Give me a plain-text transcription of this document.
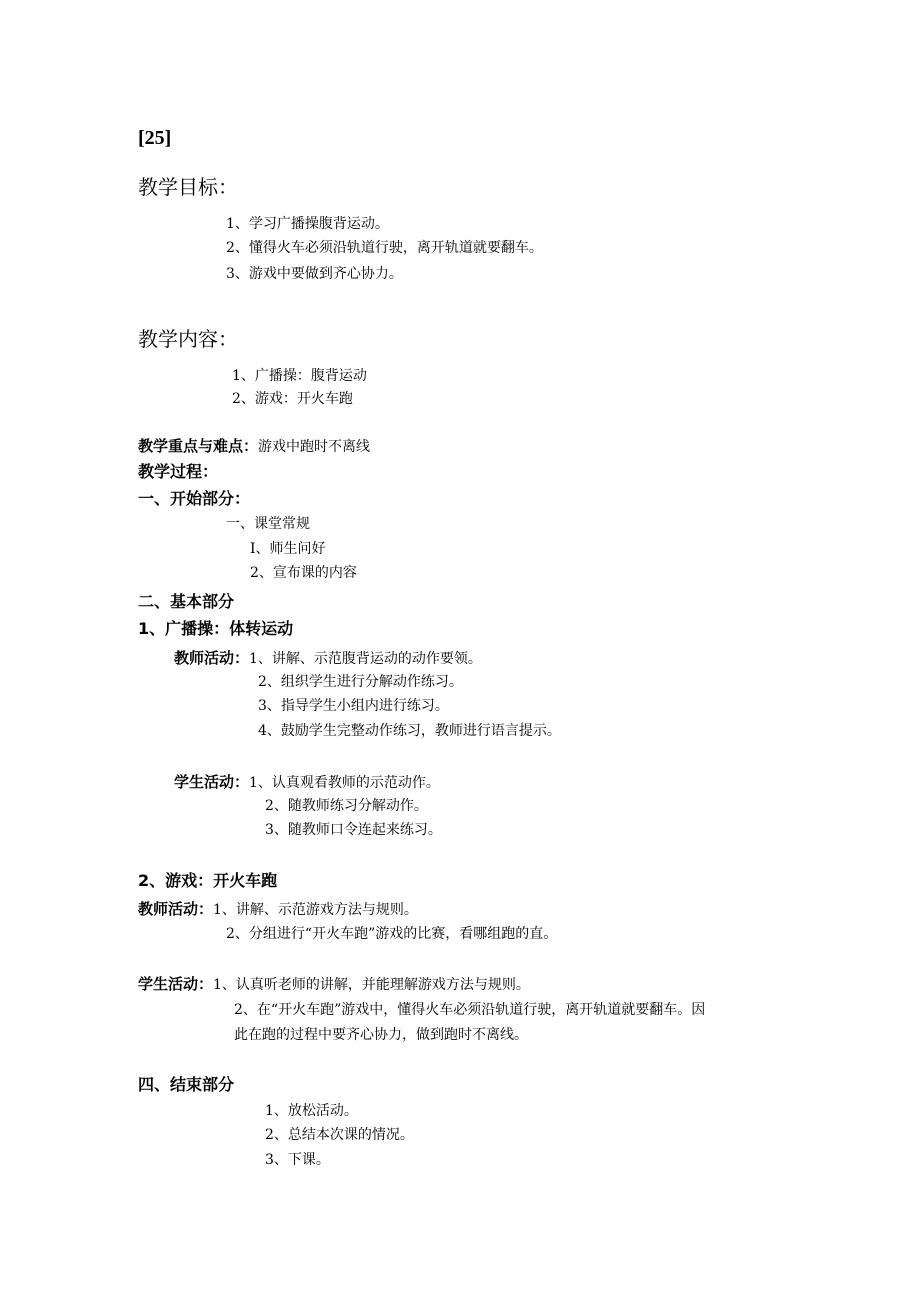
[25]
教学目标：
1、学习广播操腹背运动。
2、懂得火车必须沿轨道行驶，离开轨道就要翻车。
3、游戏中要做到齐心协力。
教学内容：
1、广播操：腹背运动
2、游戏：开火车跑
教学重点与难点：游戏中跑时不离线
教学过程：
一、开始部分：
一、课堂常规
I、师生问好
2、宣布课的内容
二、基本部分
1、广播操：体转运动
教师活动：1、讲解、示范腹背运动的动作要领。
2、组织学生进行分解动作练习。
3、指导学生小组内进行练习。
4、鼓励学生完整动作练习，教师进行语言提示。
学生活动：1、认真观看教师的示范动作。
2、随教师练习分解动作。
3、随教师口令连起来练习。
2、游戏：开火车跑
教师活动：1、讲解、示范游戏方法与规则。
2、分组进行“开火车跑”游戏的比赛，看哪组跑的直。
学生活动：1、认真听老师的讲解，并能理解游戏方法与规则。
2、在“开火车跑”游戏中，懂得火车必须沿轨道行驶，离开轨道就要翻车。因
此在跑的过程中要齐心协力，做到跑时不离线。
四、结束部分
1、放松活动。
2、总结本次课的情况。
3、下课。
